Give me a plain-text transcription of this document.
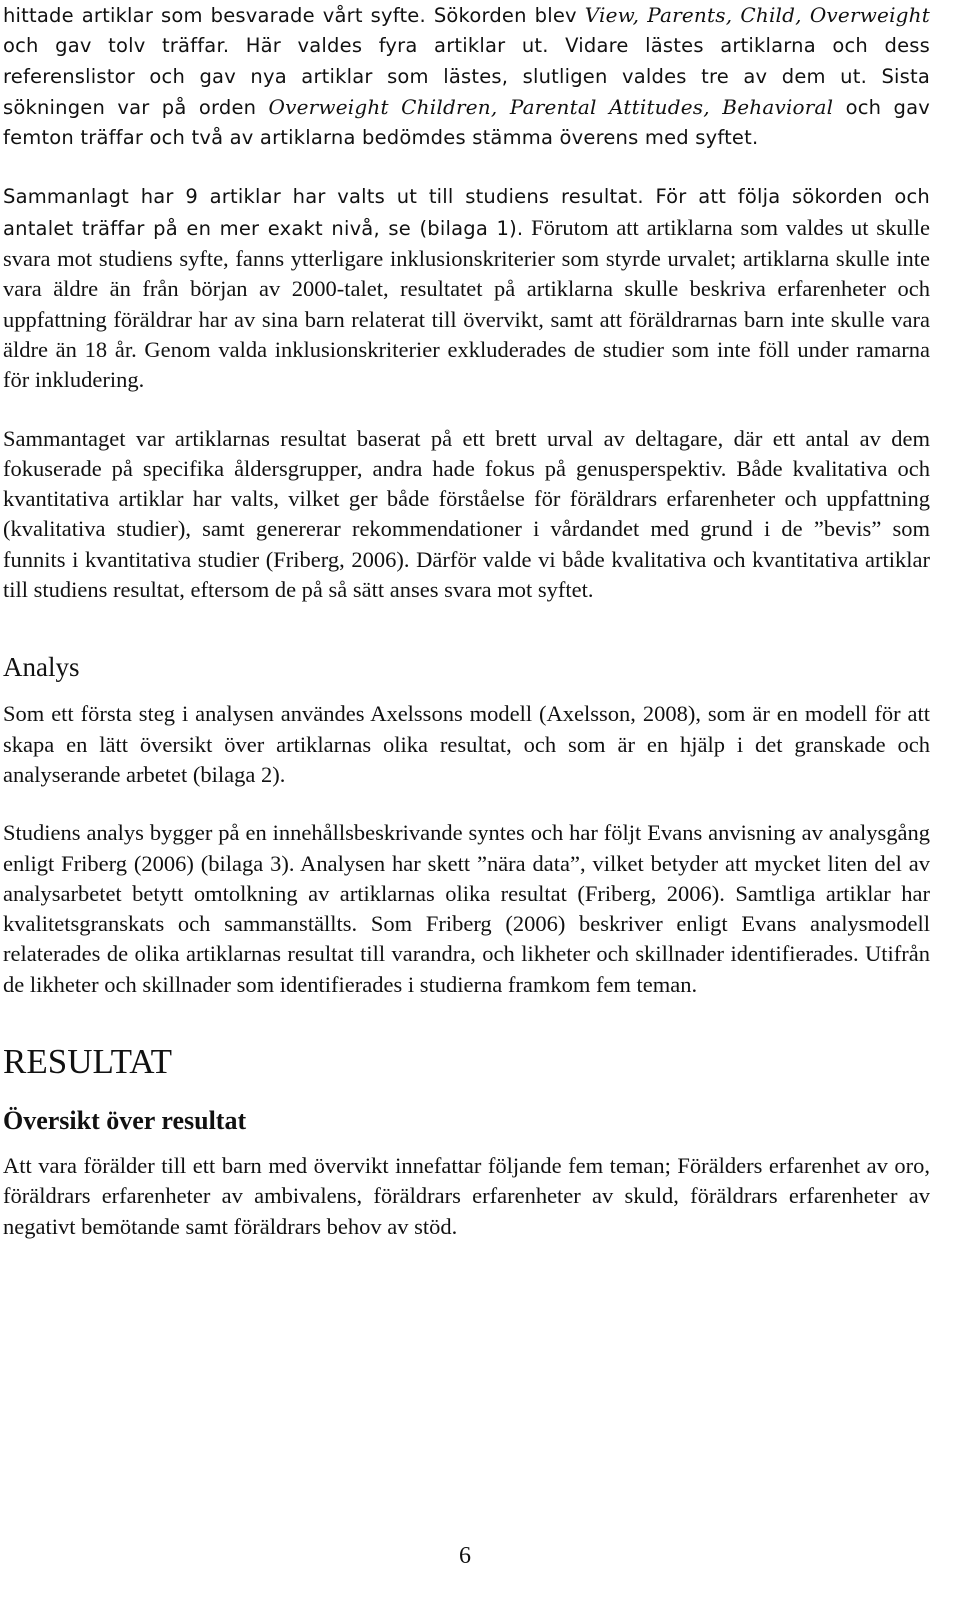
hittade artiklar som besvarade vårt syfte. Sökorden blev View, Parents, Child, Overweight och gav tolv träffar. Här valdes fyra artiklar ut. Vidare lästes artiklarna och dess referenslistor och gav nya artiklar som lästes, slutligen valdes tre av dem ut. Sista sökningen var på orden Overweight Children, Parental Attitudes, Behavioral och gav femton träffar och två av artiklarna bedömdes stämma överens med syftet.

Sammanlagt har 9 artiklar har valts ut till studiens resultat. För att följa sökorden och antalet träffar på en mer exakt nivå, se (bilaga 1). Förutom att artiklarna som valdes ut skulle svara mot studiens syfte, fanns ytterligare inklusionskriterier som styrde urvalet; artiklarna skulle inte vara äldre än från början av 2000-talet, resultatet på artiklarna skulle beskriva erfarenheter och uppfattning föräldrar har av sina barn relaterat till övervikt, samt att föräldrarnas barn inte skulle vara äldre än 18 år. Genom valda inklusionskriterier exkluderades de studier som inte föll under ramarna för inkludering.

Sammantaget var artiklarnas resultat baserat på ett brett urval av deltagare, där ett antal av dem fokuserade på specifika åldersgrupper, andra hade fokus på genusperspektiv. Både kvalitativa och kvantitativa artiklar har valts, vilket ger både förståelse för föräldrars erfarenheter och uppfattning (kvalitativa studier), samt genererar rekommendationer i vårdandet med grund i de ”bevis” som funnits i kvantitativa studier (Friberg, 2006). Därför valde vi både kvalitativa och kvantitativa artiklar till studiens resultat, eftersom de på så sätt anses svara mot syftet.

Analys

Som ett första steg i analysen användes Axelssons modell (Axelsson, 2008), som är en modell för att skapa en lätt översikt över artiklarnas olika resultat, och som är en hjälp i det granskade och analyserande arbetet (bilaga 2).

Studiens analys bygger på en innehållsbeskrivande syntes och har följt Evans anvisning av analysgång enligt Friberg (2006) (bilaga 3). Analysen har skett ”nära data”, vilket betyder att mycket liten del av analysarbetet betytt omtolkning av artiklarnas olika resultat (Friberg, 2006). Samtliga artiklar har kvalitetsgranskats och sammanställts. Som Friberg (2006) beskriver enligt Evans analysmodell relaterades de olika artiklarnas resultat till varandra, och likheter och skillnader identifierades. Utifrån de likheter och skillnader som identifierades i studierna framkom fem teman.

RESULTAT
Översikt över resultat

Att vara förälder till ett barn med övervikt innefattar följande fem teman; Förälders erfarenhet av oro, föräldrars erfarenheter av ambivalens, föräldrars erfarenheter av skuld, föräldrars erfarenheter av negativt bemötande samt föräldrars behov av stöd.

6
